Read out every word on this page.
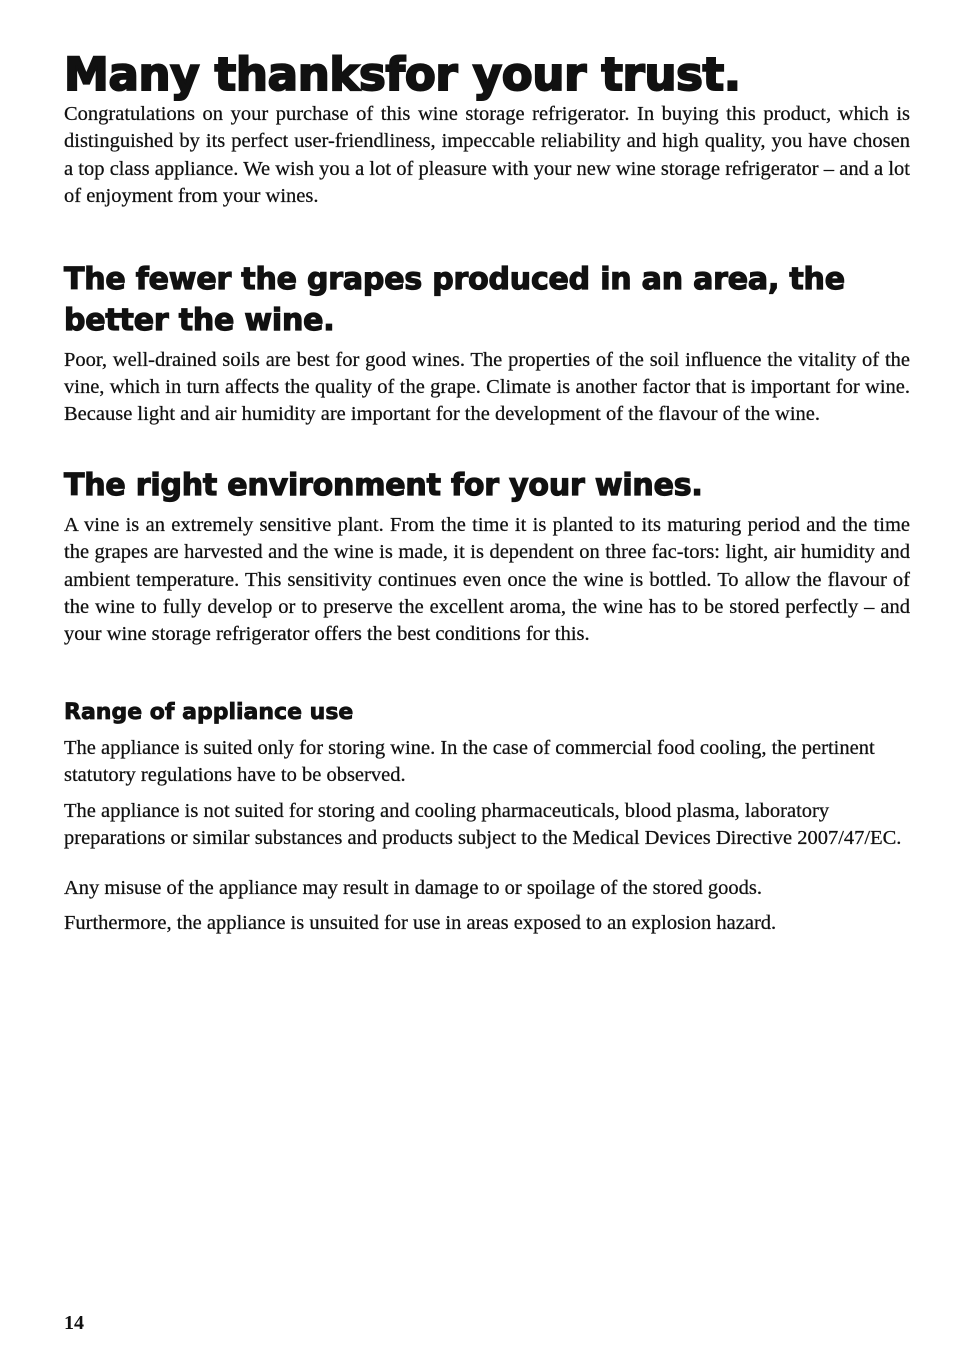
Many thanksfor your trust.

Congratulations on your purchase of this wine storage refrigerator. In buying this product, which is distinguished by its perfect user-friendliness, impeccable reliability and high quality, you have chosen a top class appliance. We wish you a lot of pleasure with your new wine storage refrigerator – and a lot of enjoyment from your wines.

The fewer the grapes produced in an area, the better the wine.

Poor, well-drained soils are best for good wines. The properties of the soil influence the vitality of the vine, which in turn affects the quality of the grape. Climate is another factor that is important for wine. Because light and air humidity are important for the development of the flavour of the wine.

The right environment for your wines.

A vine is an extremely sensitive plant. From the time it is planted to its maturing period and the time the grapes are harvested and the wine is made, it is dependent on three fac-tors: light, air humidity and ambient temperature. This sensitivity continues even once the wine is bottled. To allow the flavour of the wine to fully develop or to preserve the excellent aroma, the wine has to be stored perfectly – and your wine storage refrigerator offers the best conditions for this.

Range of appliance use

The appliance is suited only for storing wine. In the case of commercial food cooling, the pertinent statutory regulations have to be observed.

The appliance is not suited for storing and cooling pharmaceuticals, blood plasma, laboratory preparations or similar substances and products subject to the Medical Devices Directive 2007/47/EC.

Any misuse of the appliance may result in damage to or spoilage of the stored goods.

Furthermore, the appliance is unsuited for use in areas exposed to an explosion hazard.

14
